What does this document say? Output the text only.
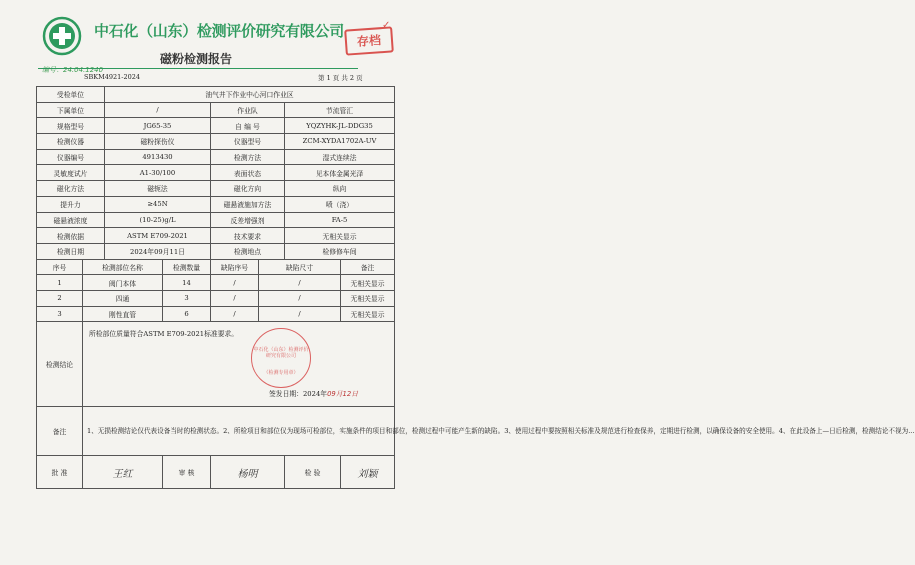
中石化（山东）检测评价研究有限公司
磁粉检测报告
存档
✓
编号：24.04.1240
SBKM4921-2024	第 1 页 共 2 页
受检单位		油气井下作业中心河口作业区					
下属单位		/		作业队		节流管汇	
规格型号		JG65-35		自 编 号		YQZYHK-JL-DDG35	
检测仪器		磁粉探伤仪		仪器型号		ZCM-XYDA1702A-UV	
仪器编号		4913430		检测方法		湿式连续法	
灵敏度试片		A1-30/100		表面状态		见本体金属光泽	
磁化方法		磁轭法		磁化方向		纵向	
提升力		≥45N		磁悬液施加方法		喷（浇）	
磁悬液浓度		(10-25)g/L		反差增强剂		FA-5	
检测依据		ASTM E709-2021		技术要求		无相关显示	
检测日期		2024年09月11日		检测地点		检修修车间	
序号	检测部位名称		检测数量	缺陷序号	缺陷尺寸		备注
1	阀门本体		14	/	/		无相关显示
2	四通		3	/	/		无相关显示
3	刚性直管		6	/	/		无相关显示
检测结论	所检部位质量符合ASTM E709-2021标准要求。
中石化（山东）检测评价研究有限公司
（检测专用章）
签发日期：2024年09月12日						

备注	1、无损检测结论仅代表设备当时的检测状态。2、所检项目和部位仅为现场可检部位，实施条件的项目和部位，检测过程中可能产生新的缺陷。3、使用过程中要按照相关标准及规范进行检查保养，定期进行检测，以确保设备的安全使用。4、在此设备上—日后检测，检测结论不视为...						
批 准	王红		审 核	杨明		检 验	刘颖
